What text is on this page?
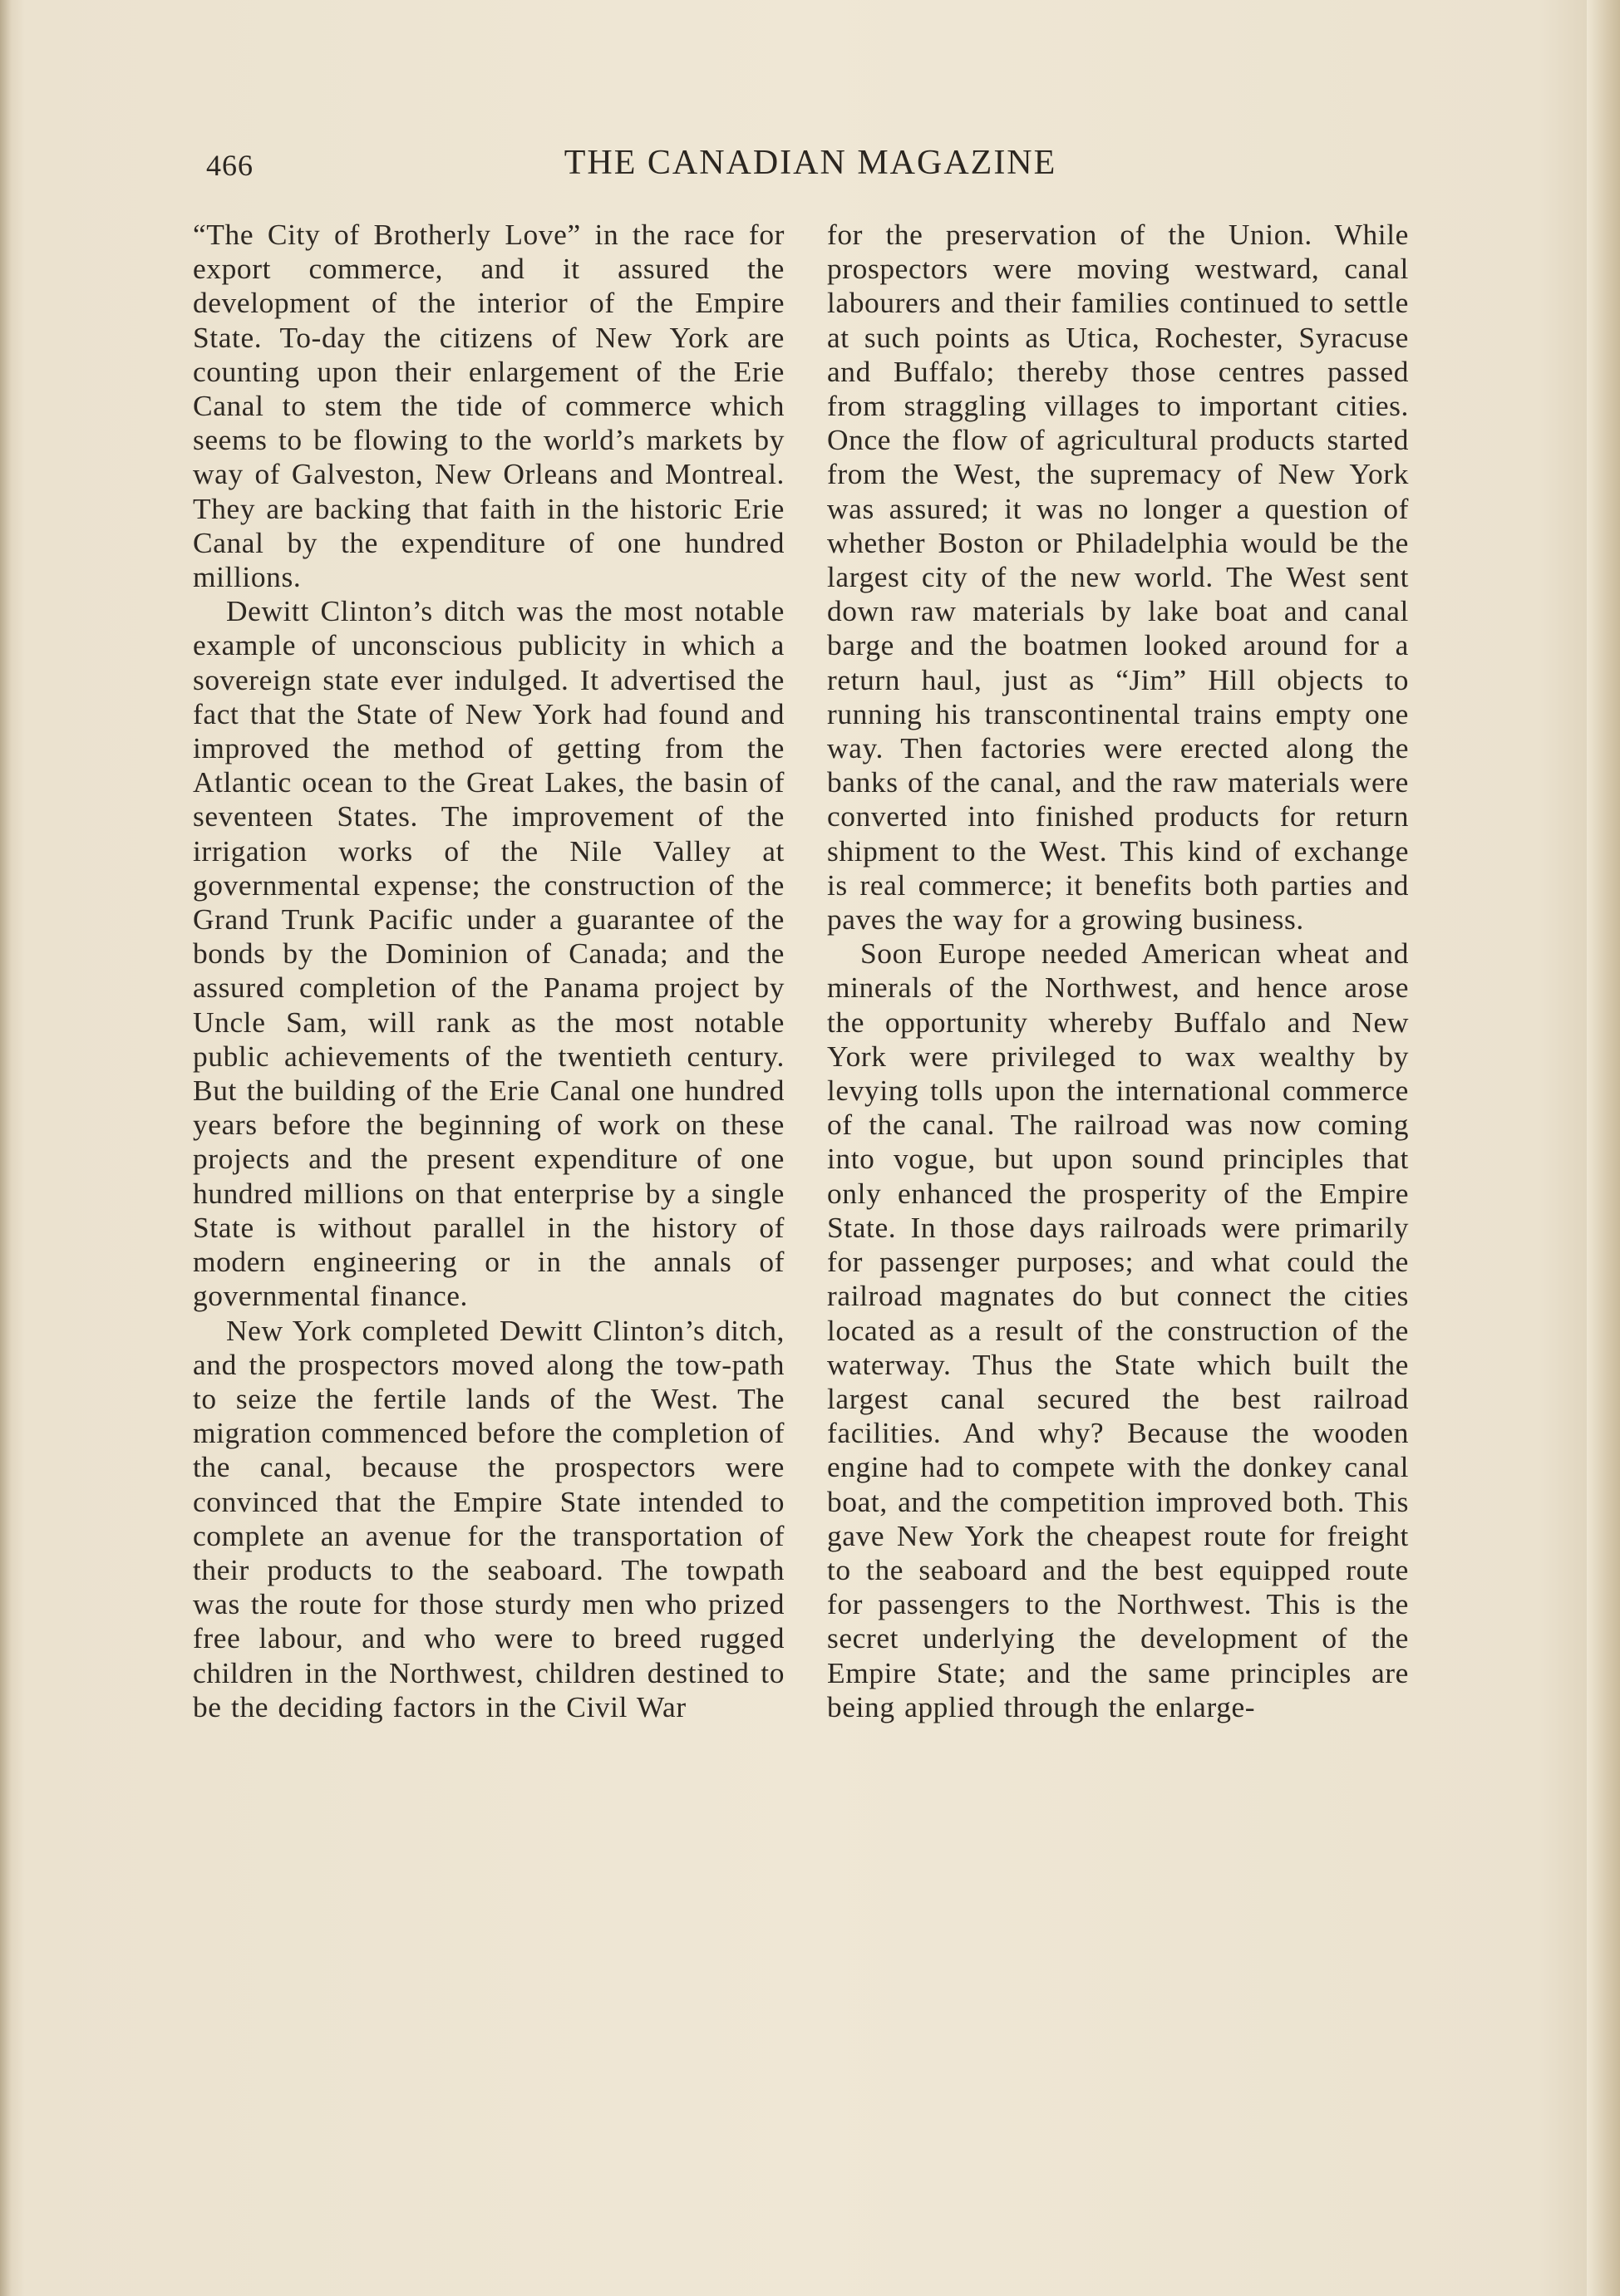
466	THE CANADIAN MAGAZINE

“The City of Brotherly Love” in the race for export commerce, and it assured the development of the interior of the Empire State. To-day the citizens of New York are counting upon their enlargement of the Erie Canal to stem the tide of commerce which seems to be flowing to the world’s markets by way of Galveston, New Orleans and Montreal. They are backing that faith in the historic Erie Canal by the expenditure of one hundred millions.

Dewitt Clinton’s ditch was the most notable example of unconscious publicity in which a sovereign state ever indulged. It advertised the fact that the State of New York had found and improved the method of getting from the Atlantic ocean to the Great Lakes, the basin of seventeen States. The improvement of the irrigation works of the Nile Valley at governmental expense; the construction of the Grand Trunk Pacific under a guarantee of the bonds by the Dominion of Canada; and the assured completion of the Panama project by Uncle Sam, will rank as the most notable public achievements of the twentieth century. But the building of the Erie Canal one hundred years before the beginning of work on these projects and the present expenditure of one hundred millions on that enterprise by a single State is without parallel in the history of modern engineering or in the annals of governmental finance.

New York completed Dewitt Clinton’s ditch, and the prospectors moved along the tow-path to seize the fertile lands of the West. The migration commenced before the completion of the canal, because the prospectors were convinced that the Empire State intended to complete an avenue for the transportation of their products to the seaboard. The towpath was the route for those sturdy men who prized free labour, and who were to breed rugged children in the Northwest, children destined to be the deciding factors in the Civil War

for the preservation of the Union. While prospectors were moving westward, canal labourers and their families continued to settle at such points as Utica, Rochester, Syracuse and Buffalo; thereby those centres passed from straggling villages to important cities. Once the flow of agricultural products started from the West, the supremacy of New York was assured; it was no longer a question of whether Boston or Philadelphia would be the largest city of the new world. The West sent down raw materials by lake boat and canal barge and the boatmen looked around for a return haul, just as “Jim” Hill objects to running his transcontinental trains empty one way. Then factories were erected along the banks of the canal, and the raw materials were converted into finished products for return shipment to the West. This kind of exchange is real commerce; it benefits both parties and paves the way for a growing business.

Soon Europe needed American wheat and minerals of the Northwest, and hence arose the opportunity whereby Buffalo and New York were privileged to wax wealthy by levying tolls upon the international commerce of the canal. The railroad was now coming into vogue, but upon sound principles that only enhanced the prosperity of the Empire State. In those days railroads were primarily for passenger purposes; and what could the railroad magnates do but connect the cities located as a result of the construction of the waterway. Thus the State which built the largest canal secured the best railroad facilities. And why? Because the wooden engine had to compete with the donkey canal boat, and the competition improved both. This gave New York the cheapest route for freight to the seaboard and the best equipped route for passengers to the Northwest. This is the secret underlying the development of the Empire State; and the same principles are being applied through the enlarge-
